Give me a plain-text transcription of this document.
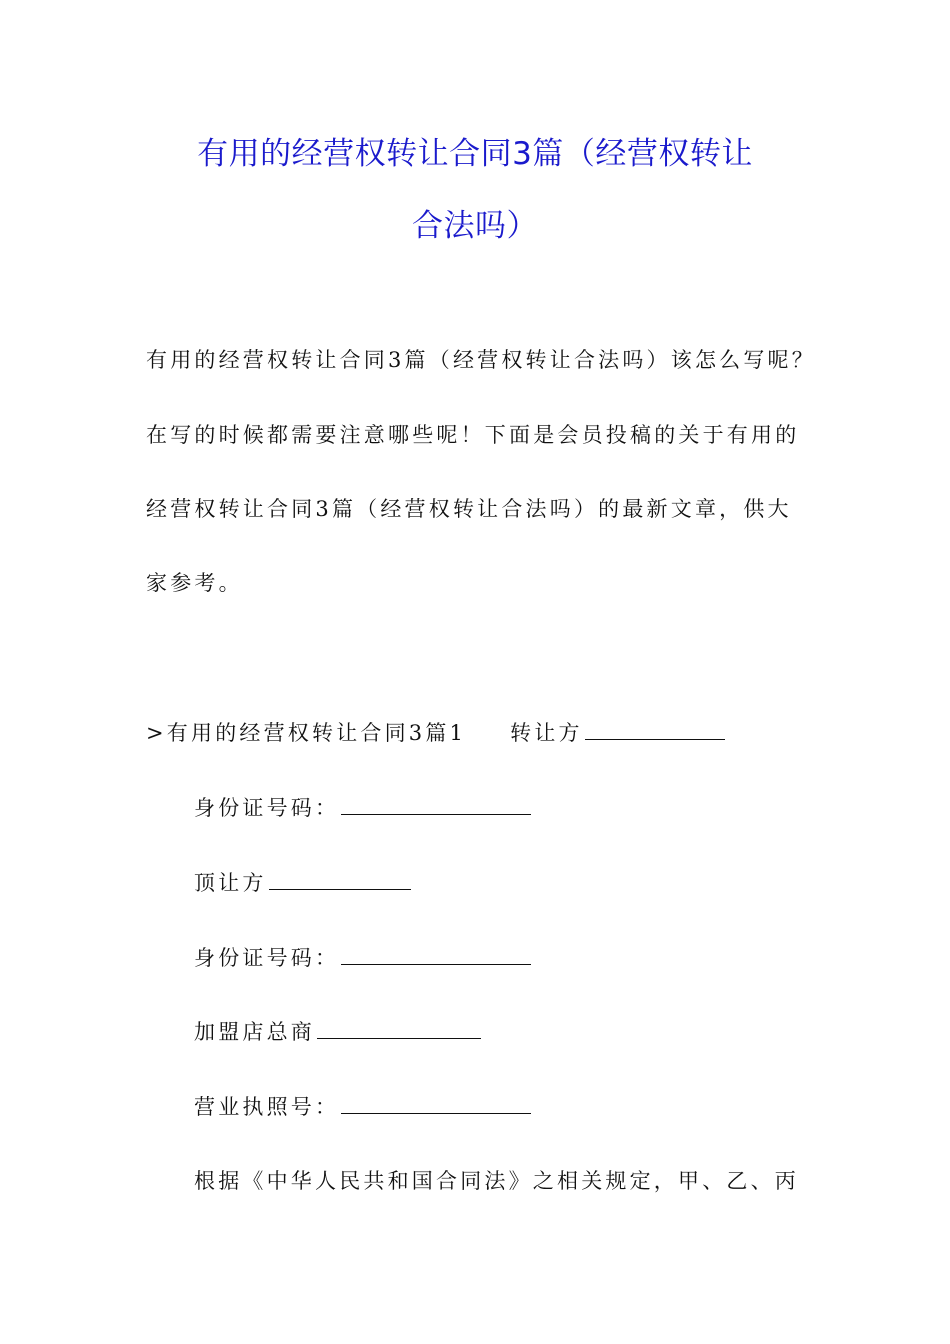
有用的经营权转让合同3篇（经营权转让
合法吗）
有用的经营权转让合同3篇（经营权转让合法吗）该怎么写呢？
在写的时候都需要注意哪些呢！下面是会员投稿的关于有用的
经营权转让合同3篇（经营权转让合法吗）的最新文章，供大
家参考。
>有用的经营权转让合同3篇1 转让方
身份证号码：
顶让方
身份证号码：
加盟店总商
营业执照号：
根据《中华人民共和国合同法》之相关规定，甲、乙、丙
